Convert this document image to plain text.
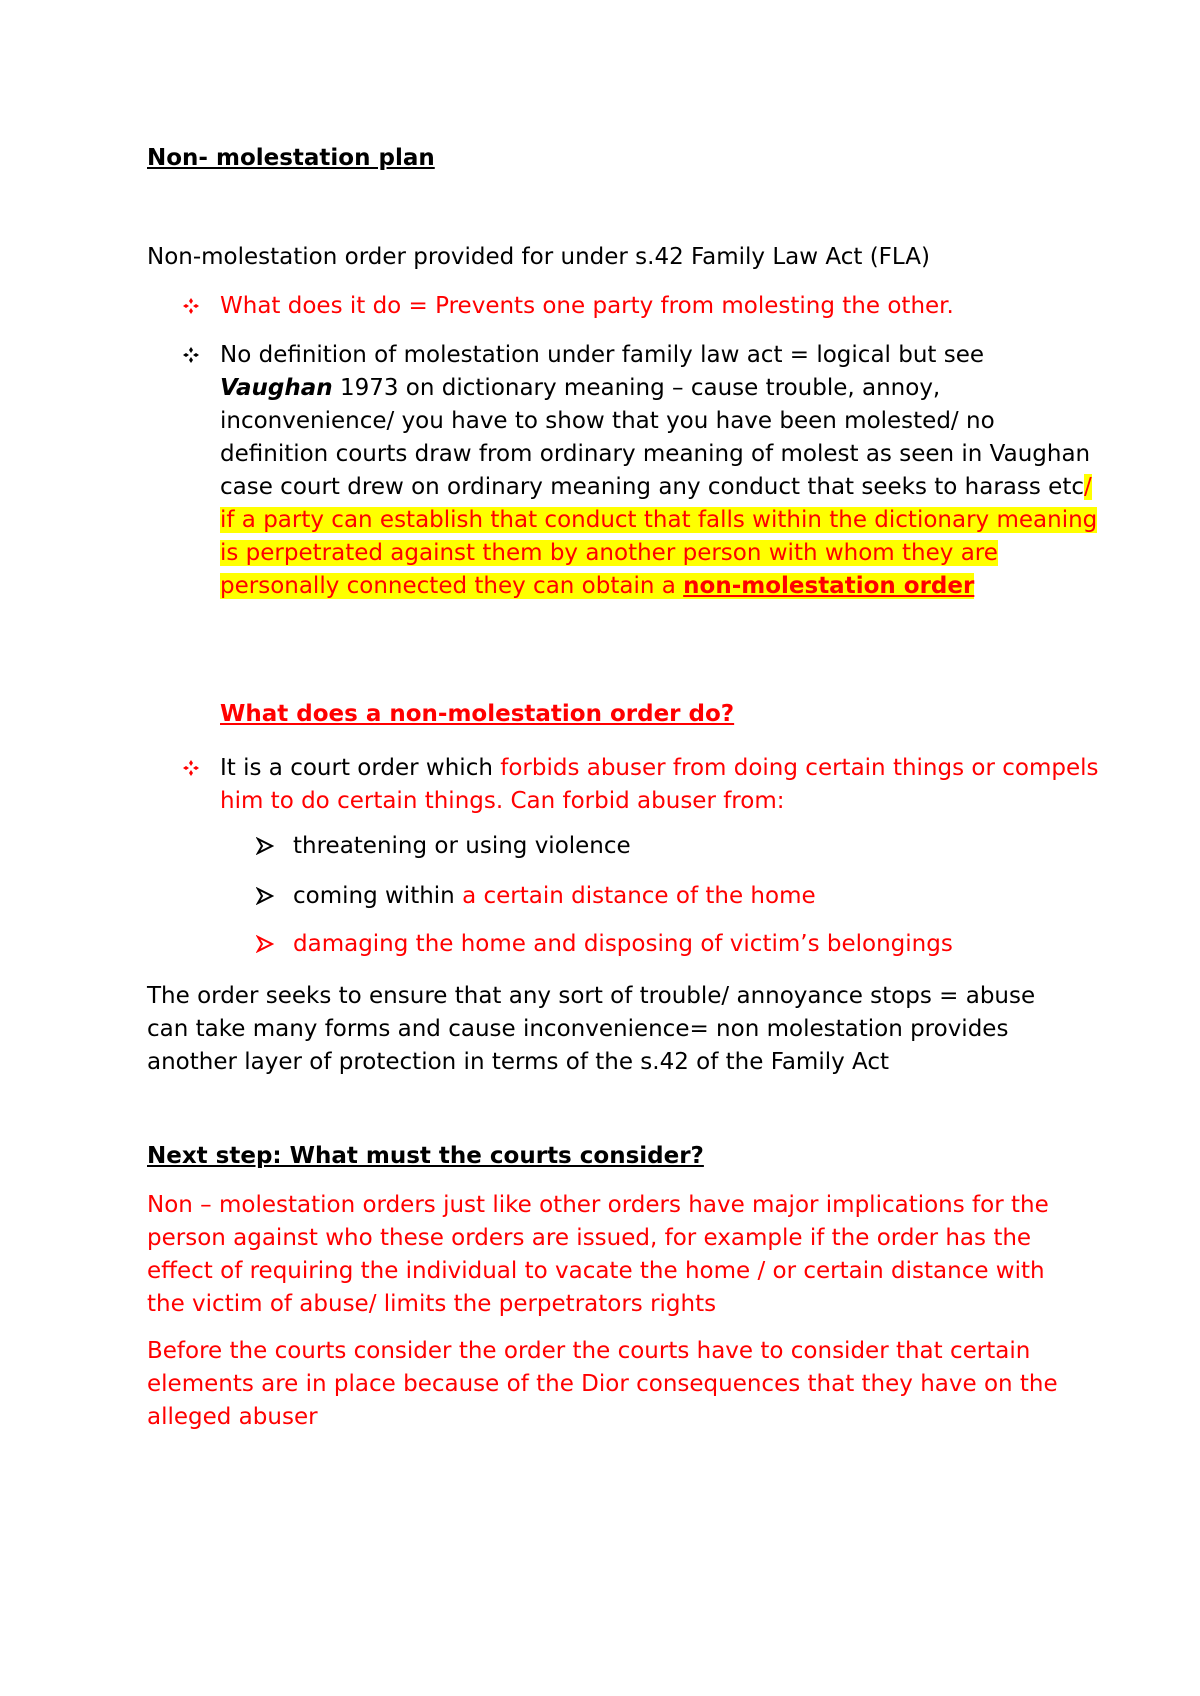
Non- molestation plan

Non-molestation order provided for under s.42 Family Law Act (FLA)

What does it do = Prevents one party from molesting the other.

No definition of molestation under family law act = logical but see Vaughan 1973 on dictionary meaning – cause trouble, annoy, inconvenience/ you have to show that you have been molested/ no definition courts draw from ordinary meaning of molest as seen in Vaughan case court drew on ordinary meaning any conduct that seeks to harass etc/ if a party can establish that conduct that falls within the dictionary meaning is perpetrated against them by another person with whom they are personally connected they can obtain a non-molestation order

What does a non-molestation order do?

It is a court order which forbids abuser from doing certain things or compels him to do certain things. Can forbid abuser from:

threatening or using violence

coming within a certain distance of the home

damaging the home and disposing of victim’s belongings

The order seeks to ensure that any sort of trouble/ annoyance stops = abuse can take many forms and cause inconvenience= non molestation provides another layer of protection in terms of the s.42 of the Family Act

Next step: What must the courts consider?

Non – molestation orders just like other orders have major implications for the person against who these orders are issued, for example if the order has the effect of requiring the individual to vacate the home / or certain distance with the victim of abuse/ limits the perpetrators rights

Before the courts consider the order the courts have to consider that certain elements are in place because of the Dior consequences that they have on the alleged abuser
